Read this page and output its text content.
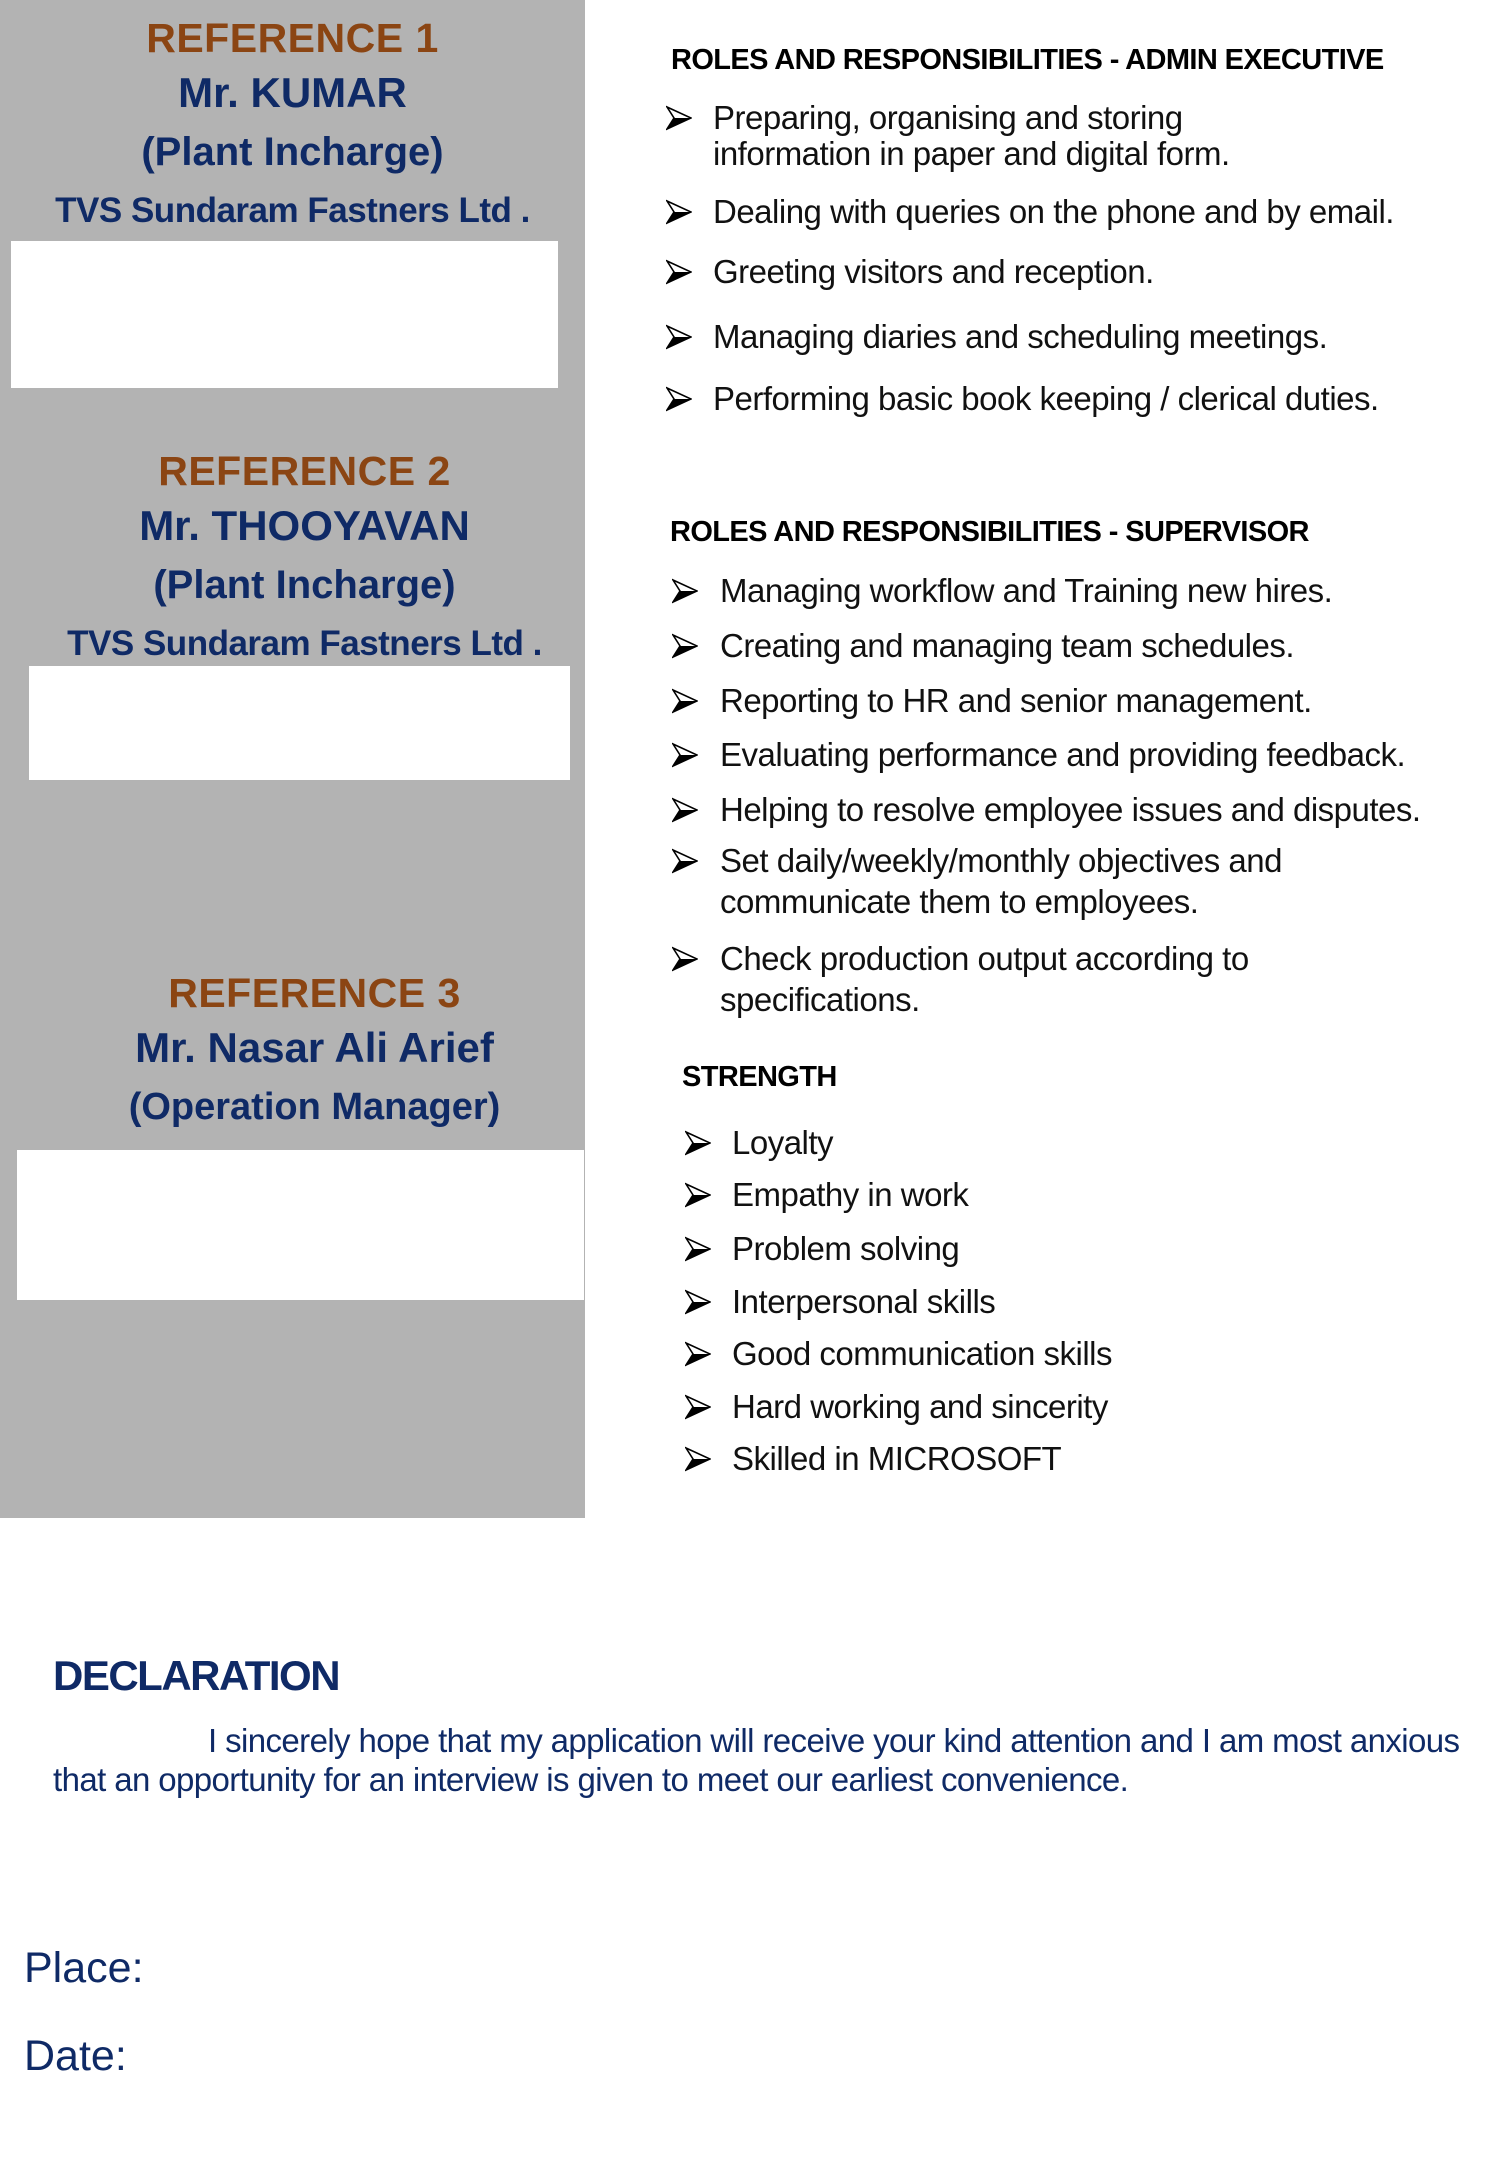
REFERENCE 1
Mr. KUMAR
(Plant Incharge)
TVS Sundaram Fastners Ltd .
REFERENCE 2
Mr. THOOYAVAN
(Plant Incharge)
TVS Sundaram Fastners Ltd .
REFERENCE 3
Mr. Nasar Ali Arief
(Operation Manager)
ROLES AND RESPONSIBILITIES - ADMIN EXECUTIVE
Preparing, organising and storing
information in paper and digital form.
Dealing with queries on the phone and by email.
Greeting visitors and reception.
Managing diaries and scheduling meetings.
Performing basic book keeping / clerical duties.
ROLES AND RESPONSIBILITIES - SUPERVISOR
Managing workflow and Training new hires.
Creating and managing team schedules.
Reporting to HR and senior management.
Evaluating performance and providing feedback.
Helping to resolve employee issues and disputes.
Set daily/weekly/monthly objectives and
communicate them to employees.
Check production output according to
specifications.
STRENGTH
Loyalty
Empathy in work
Problem solving
Interpersonal skills
Good communication skills
Hard working and sincerity
Skilled in MICROSOFT
DECLARATION
I sincerely hope that my application will receive your kind attention and I am most anxious that an opportunity for an interview is given to meet our earliest convenience.
Place:
Date:
